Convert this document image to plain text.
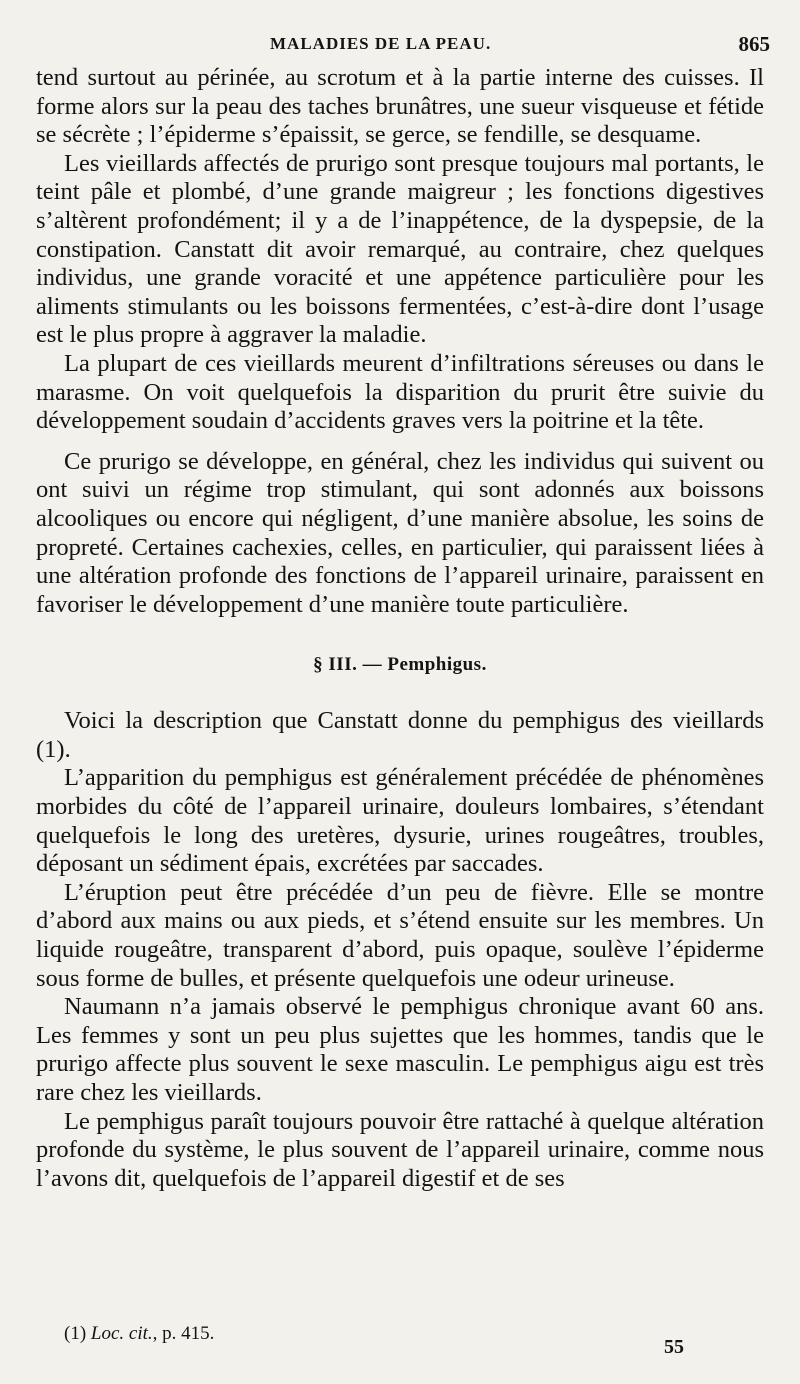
MALADIES DE LA PEAU.	865

tend surtout au périnée, au scrotum et à la partie interne des cuisses. Il forme alors sur la peau des taches brunâtres, une sueur visqueuse et fétide se sécrète ; l’épiderme s’épaissit, se gerce, se fendille, se desquame.

Les vieillards affectés de prurigo sont presque toujours mal portants, le teint pâle et plombé, d’une grande maigreur ; les fonctions digestives s’altèrent profondément; il y a de l’inappétence, de la dyspepsie, de la constipation. Canstatt dit avoir remarqué, au contraire, chez quelques individus, une grande voracité et une appétence particulière pour les aliments stimulants ou les boissons fermentées, c’est-à-dire dont l’usage est le plus propre à aggraver la maladie.

La plupart de ces vieillards meurent d’infiltrations séreuses ou dans le marasme. On voit quelquefois la disparition du prurit être suivie du développement soudain d’accidents graves vers la poitrine et la tête.

Ce prurigo se développe, en général, chez les individus qui suivent ou ont suivi un régime trop stimulant, qui sont adonnés aux boissons alcooliques ou encore qui négligent, d’une manière absolue, les soins de propreté. Certaines cachexies, celles, en particulier, qui paraissent liées à une altération profonde des fonctions de l’appareil urinaire, paraissent en favoriser le développement d’une manière toute particulière.

§ III. — Pemphigus.

Voici la description que Canstatt donne du pemphigus des vieillards (1).

L’apparition du pemphigus est généralement précédée de phénomènes morbides du côté de l’appareil urinaire, douleurs lombaires, s’étendant quelquefois le long des uretères, dysurie, urines rougeâtres, troubles, déposant un sédiment épais, excrétées par saccades.

L’éruption peut être précédée d’un peu de fièvre. Elle se montre d’abord aux mains ou aux pieds, et s’étend ensuite sur les membres. Un liquide rougeâtre, transparent d’abord, puis opaque, soulève l’épiderme sous forme de bulles, et présente quelquefois une odeur urineuse.

Naumann n’a jamais observé le pemphigus chronique avant 60 ans. Les femmes y sont un peu plus sujettes que les hommes, tandis que le prurigo affecte plus souvent le sexe masculin. Le pemphigus aigu est très rare chez les vieillards.

Le pemphigus paraît toujours pouvoir être rattaché à quelque altération profonde du système, le plus souvent de l’appareil urinaire, comme nous l’avons dit, quelquefois de l’appareil digestif et de ses

(1) Loc. cit., p. 415.
55
